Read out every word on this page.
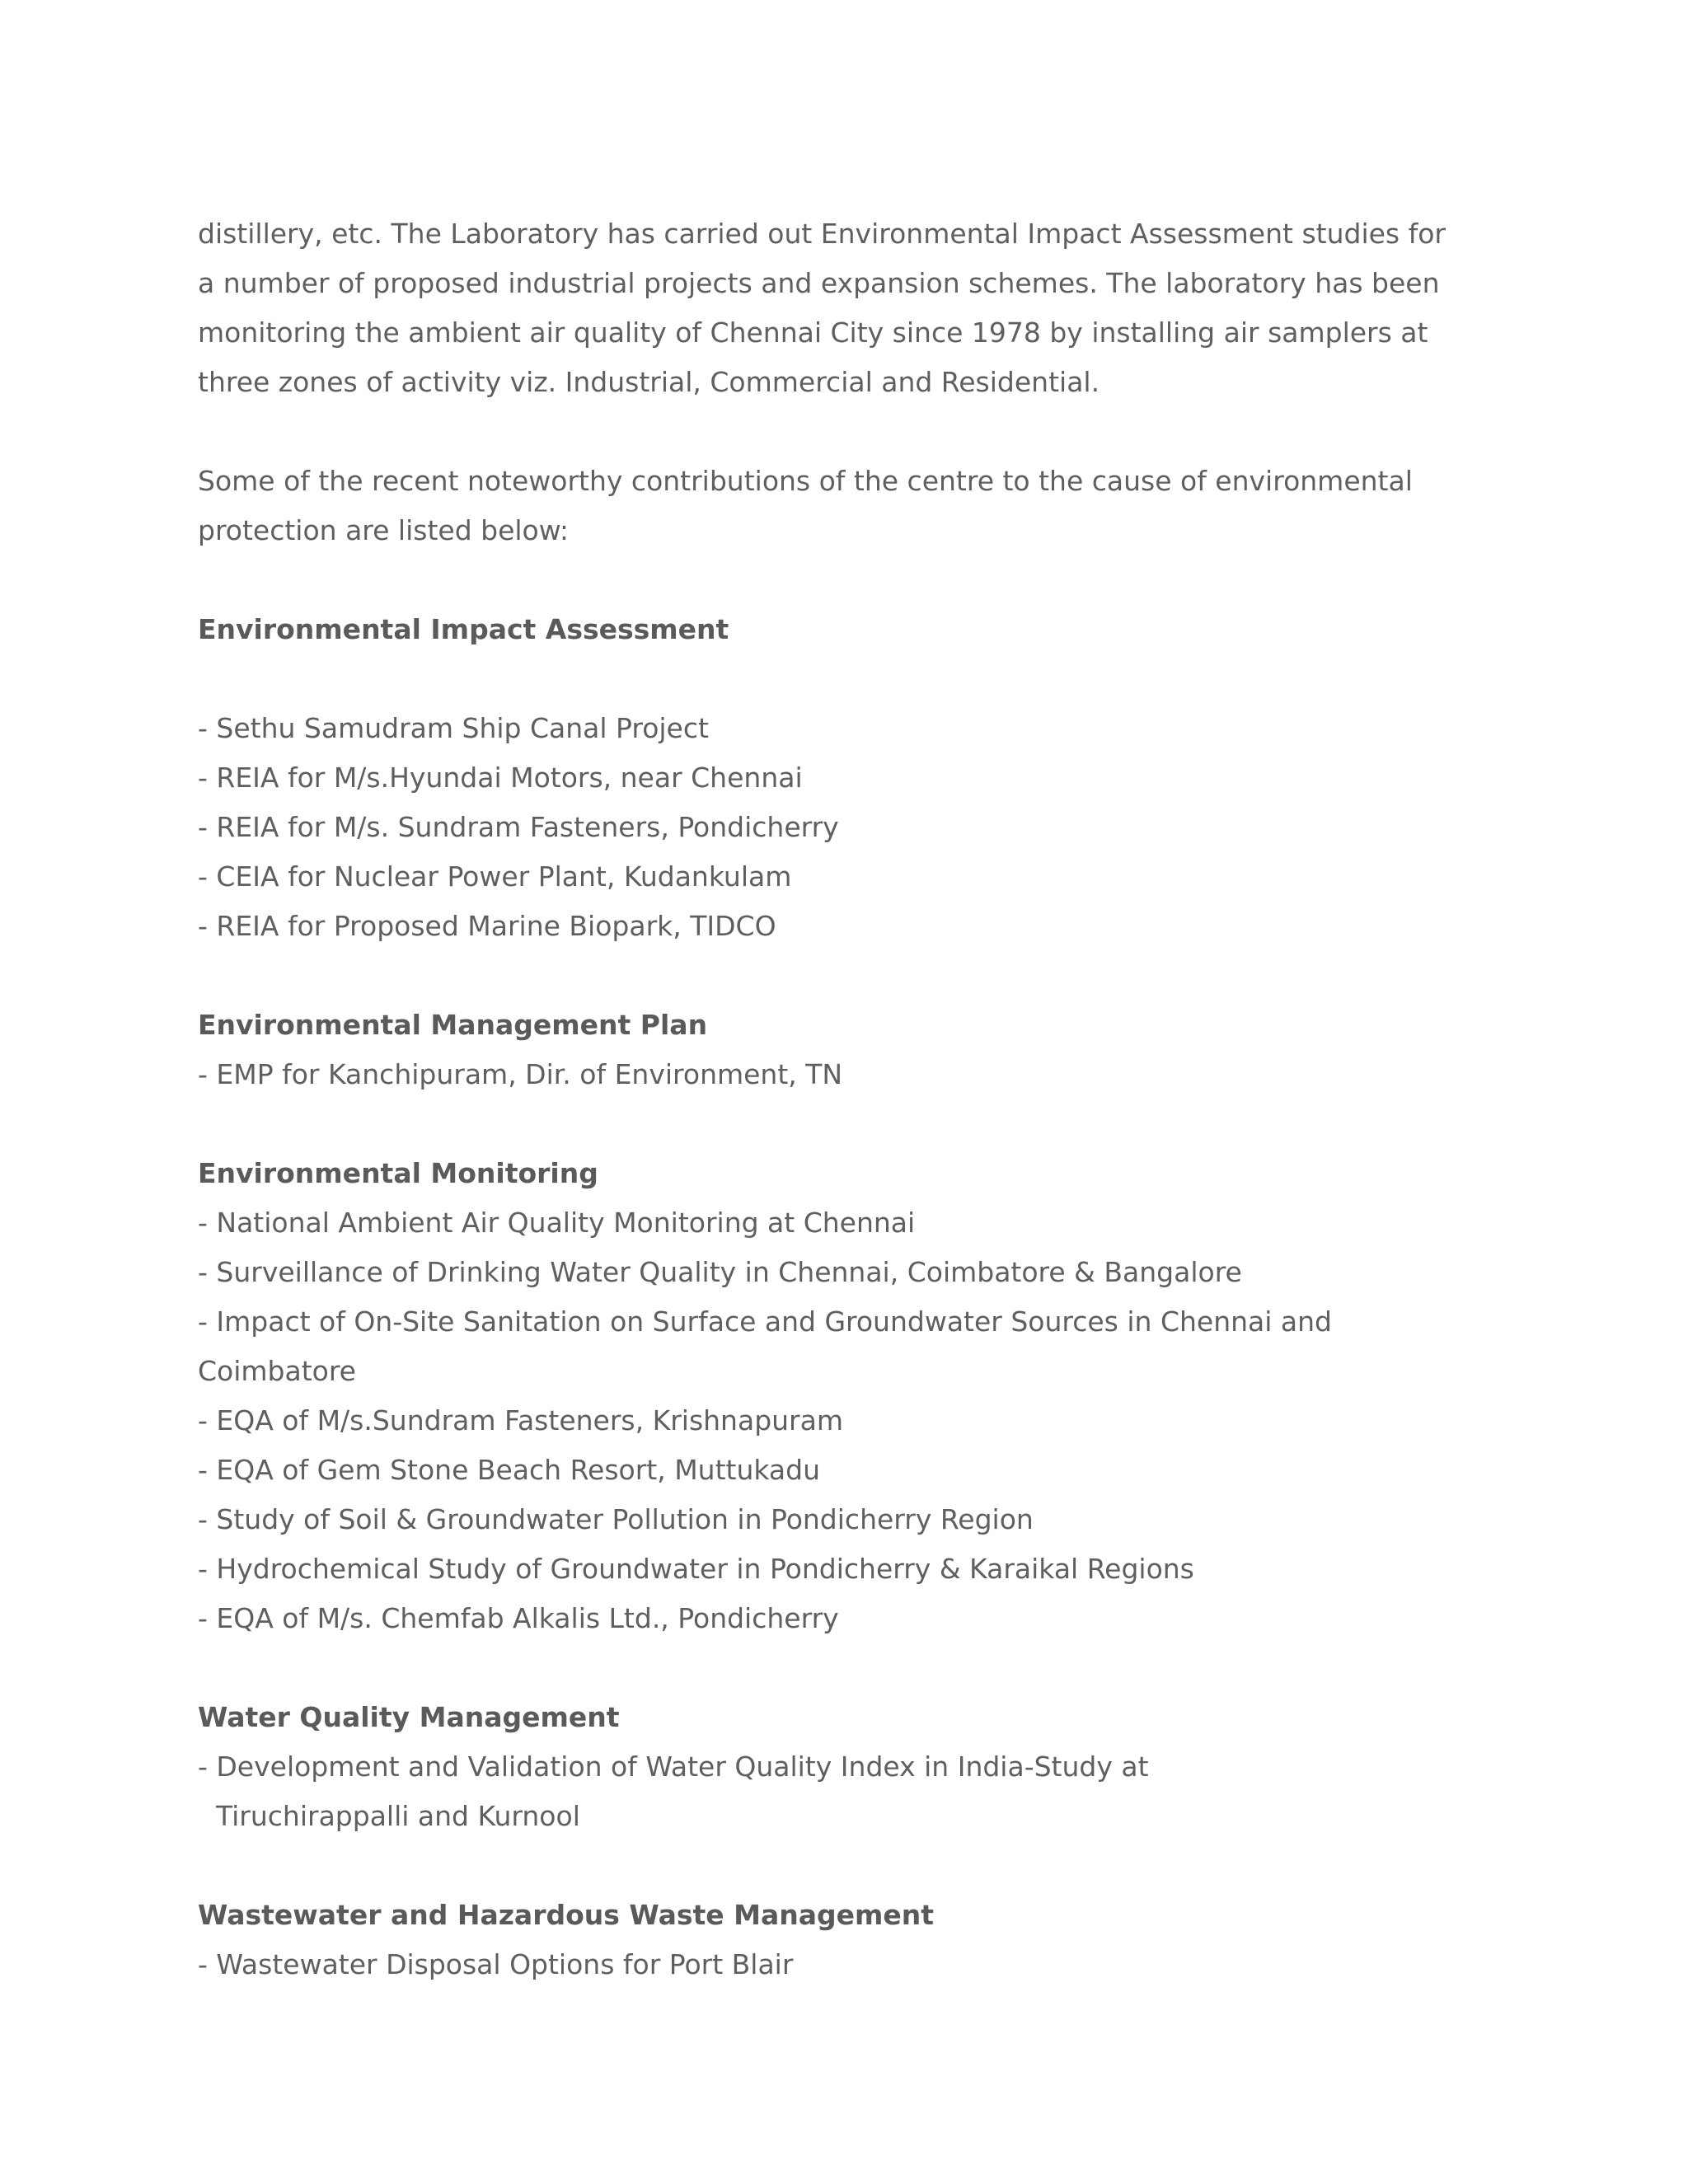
distillery, etc. The Laboratory has carried out Environmental Impact Assessment studies for
a number of proposed industrial projects and expansion schemes. The laboratory has been
monitoring the ambient air quality of Chennai City since 1978 by installing air samplers at
three zones of activity viz. Industrial, Commercial and Residential.
Some of the recent noteworthy contributions of the centre to the cause of environmental
protection are listed below:
Environmental Impact Assessment
- Sethu Samudram Ship Canal Project
- REIA for M/s.Hyundai Motors, near Chennai
- REIA for M/s. Sundram Fasteners, Pondicherry
- CEIA for Nuclear Power Plant, Kudankulam
- REIA for Proposed Marine Biopark, TIDCO
Environmental Management Plan
- EMP for Kanchipuram, Dir. of Environment, TN
Environmental Monitoring
- National Ambient Air Quality Monitoring at Chennai
- Surveillance of Drinking Water Quality in Chennai, Coimbatore & Bangalore
- Impact of On-Site Sanitation on Surface and Groundwater Sources in Chennai and
Coimbatore
- EQA of M/s.Sundram Fasteners, Krishnapuram
- EQA of Gem Stone Beach Resort, Muttukadu
- Study of Soil & Groundwater Pollution in Pondicherry Region
- Hydrochemical Study of Groundwater in Pondicherry & Karaikal Regions
- EQA of M/s. Chemfab Alkalis Ltd., Pondicherry
Water Quality Management
- Development and Validation of Water Quality Index in India-Study at
Tiruchirappalli and Kurnool
Wastewater and Hazardous Waste Management
- Wastewater Disposal Options for Port Blair
